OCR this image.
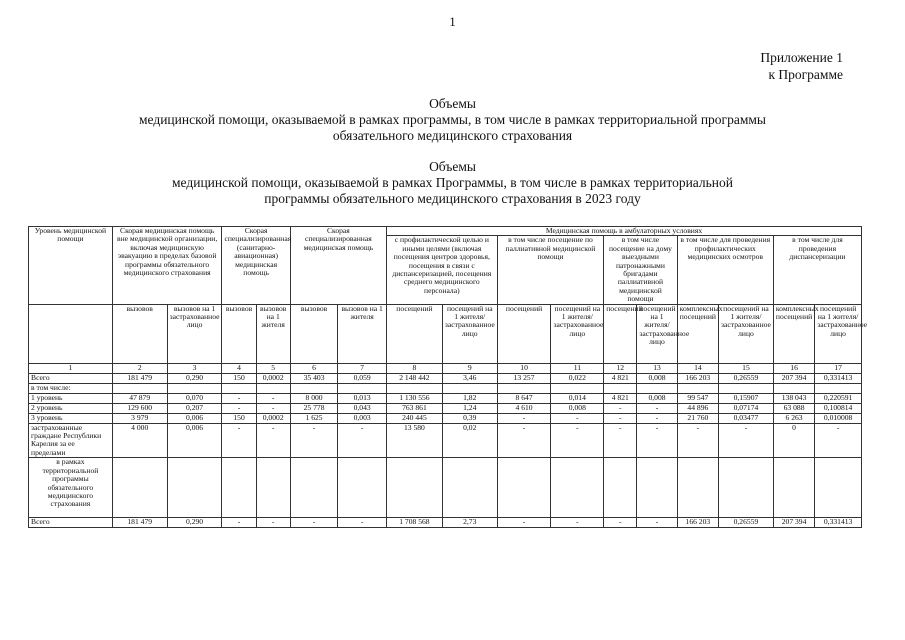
1
Приложение 1
к Программе
Объемы
медицинской помощи, оказываемой в рамках программы, в том числе в рамках территориальной программы
обязательного медицинского страхования
Объемы
медицинской помощи, оказываемой в рамках Программы, в том числе в рамках территориальной
программы обязательного медицинского страхования в 2023 году
Уровень медицинской помощи	Скорая медицинская помощь вне медицинской организации, включая медицинскую эвакуацию в пределах базовой программы обязательного медицинского страхования		Скорая специализированная (санитарно-авиационная) медицинская помощь		Скорая специализированная медицинская помощь		Медицинская помощь в амбулаторных условиях									
							с профилактической целью и иными целями (включая посещения центров здоровья, посещения в связи с диспансеризацией, посещения среднего медицинского персонала)		в том числе посещение по паллиативной медицинской помощи		в том числе посещение на дому выездными патронажными бригадами паллиативной медицинской помощи		в том числе для проведения профилактических медицинских осмотров		в том числе для проведения диспансеризации	
	вызовов	вызовов на 1 застрахованное лицо	вызовов	вызовов на 1 жителя	вызовов	вызовов на 1 жителя	посещений	посещений на 1 жителя/ застрахованное лицо	посещений	посещений на 1 жителя/ застрахованное лицо	посещений	посещений на 1 жителя/ застрахованное лицо	комплексных посещений	посещений на 1 жителя/ застрахованное лицо	комплексных посещений	посещений на 1 жителя/ застрахованное лицо
1	2	3	4	5	6	7	8	9	10	11	12	13	14	15	16	17
Всего	181 479	0,290	150	0,0002	35 403	0,059	2 148 442	3,46	13 257	0,022	4 821	0,008	166 203	0,26559	207 394	0,331413
в том числе:																
1 уровень	47 879	0,070	-	-	8 000	0,013	1 130 556	1,82	8 647	0,014	4 821	0,008	99 547	0,15907	138 043	0,220591
2 уровень	129 600	0,207	-	-	25 778	0,043	763 861	1,24	4 610	0,008	-	-	44 896	0,07174	63 088	0,100814
3 уровень	3 979	0,006	150	0,0002	1 625	0,003	240 445	0,39	-	-	-	-	21 760	0,03477	6 263	0,010008
застрахованные граждане Республики Карелия за ее пределами	4 000	0,006	-	-	-	-	13 580	0,02	-	-	-	-	-	-	0	-
в рамках территориальной программы обязательного медицинского страхования																
Всего	181 479	0,290	-	-	-	-	1 708 568	2,73	-	-	-	-	166 203	0,26559	207 394	0,331413
